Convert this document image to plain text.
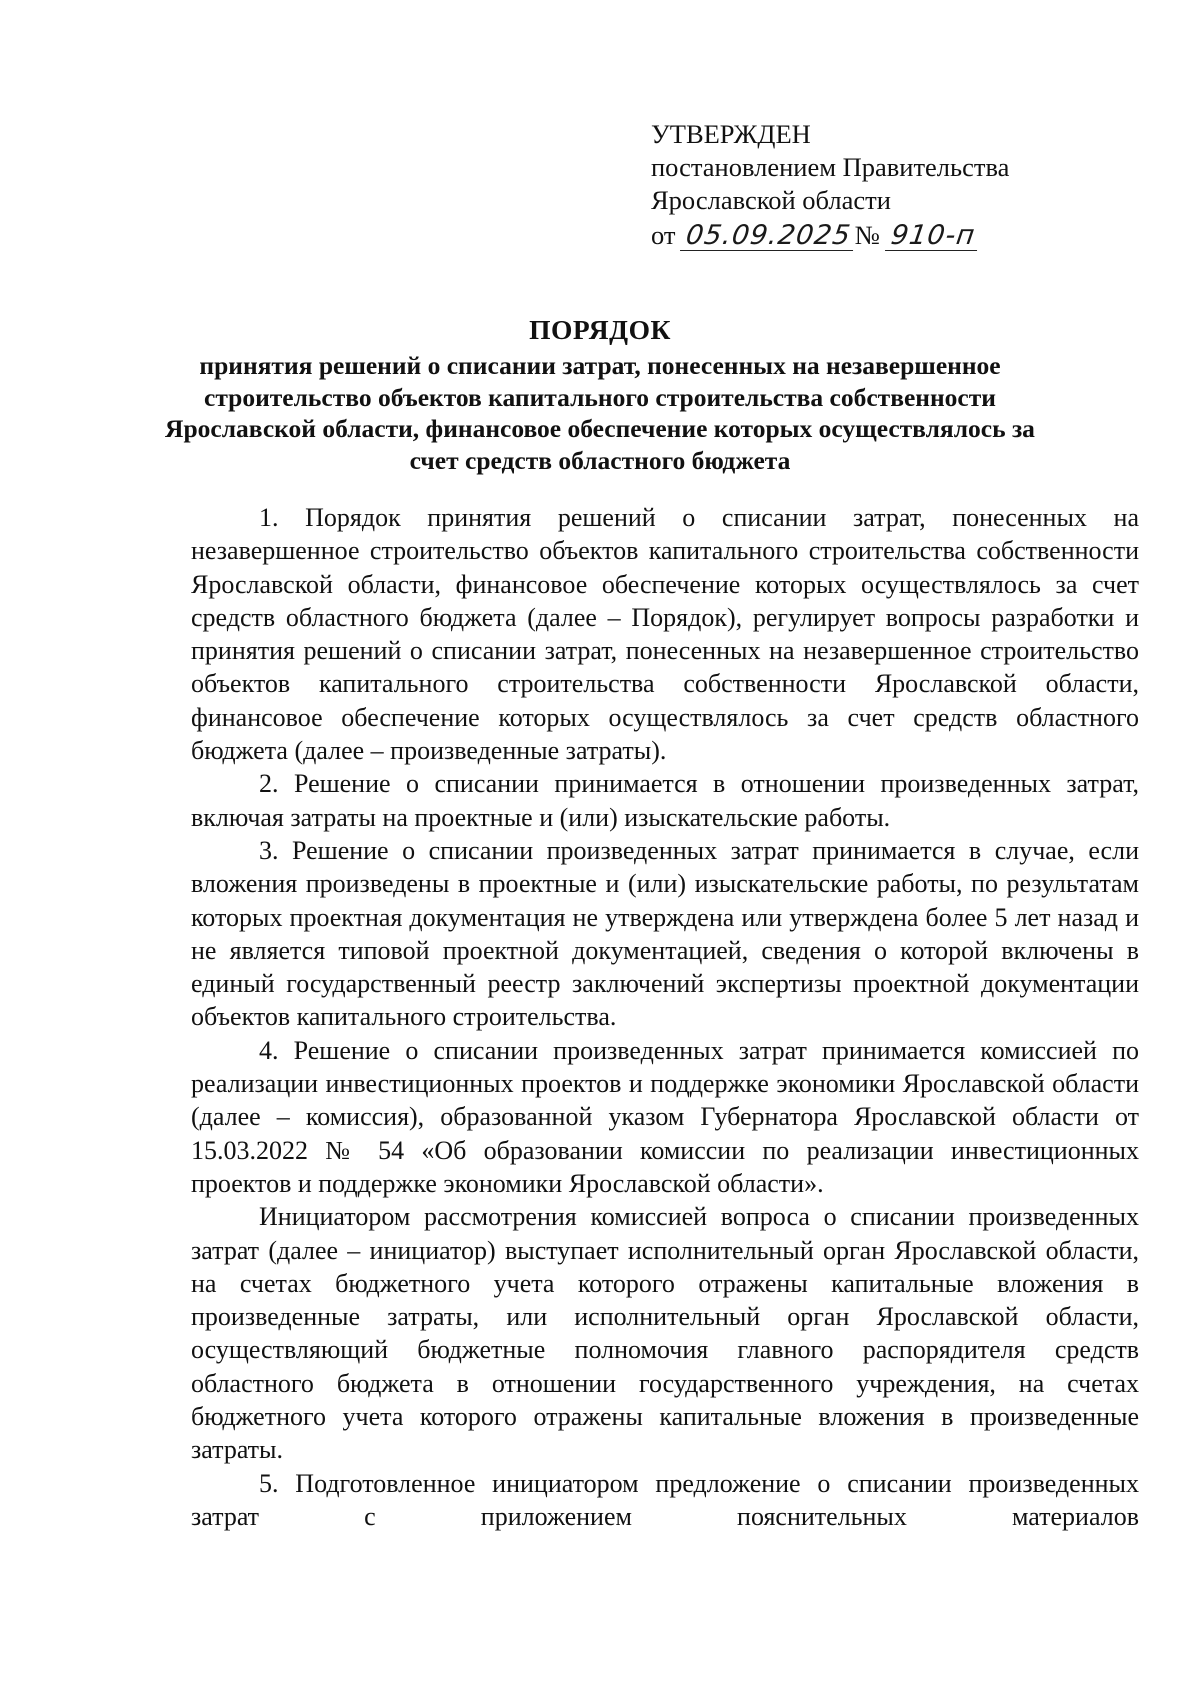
УТВЕРЖДЕН
постановлением Правительства
Ярославской области
от 05.09.2025№ 910-п
ПОРЯДОК
принятия решений о списании затрат, понесенных на незавершенное строительство объектов капитального строительства собственности Ярославской области, финансовое обеспечение которых осуществлялось за счет средств областного бюджета

1. Порядок принятия решений о списании затрат, понесенных на незавершенное строительство объектов капитального строительства собственности Ярославской области, финансовое обеспечение которых осуществлялось за счет средств областного бюджета (далее – Порядок), регулирует вопросы разработки и принятия решений о списании затрат, понесенных на незавершенное строительство объектов капитального строительства собственности Ярославской области, финансовое обеспечение которых осуществлялось за счет средств областного бюджета (далее – произведенные затраты).

2. Решение о списании принимается в отношении произведенных затрат, включая затраты на проектные и (или) изыскательские работы.

3. Решение о списании произведенных затрат принимается в случае, если вложения произведены в проектные и (или) изыскательские работы, по результатам которых проектная документация не утверждена или утверждена более 5 лет назад и не является типовой проектной документацией, сведения о которой включены в единый государственный реестр заключений экспертизы проектной документации объектов капитального строительства.

4. Решение о списании произведенных затрат принимается комиссией по реализации инвестиционных проектов и поддержке экономики Ярославской области (далее – комиссия), образованной указом Губернатора Ярославской области от 15.03.2022 № 54 «Об образовании комиссии по реализации инвестиционных проектов и поддержке экономики Ярославской области».

Инициатором рассмотрения комиссией вопроса о списании произведенных затрат (далее – инициатор) выступает исполнительный орган Ярославской области, на счетах бюджетного учета которого отражены капитальные вложения в произведенные затраты, или исполнительный орган Ярославской области, осуществляющий бюджетные полномочия главного распорядителя средств областного бюджета в отношении государственного учреждения, на счетах бюджетного учета которого отражены капитальные вложения в произведенные затраты.

5. Подготовленное инициатором предложение о списании произведенных затрат с приложением пояснительных материалов
